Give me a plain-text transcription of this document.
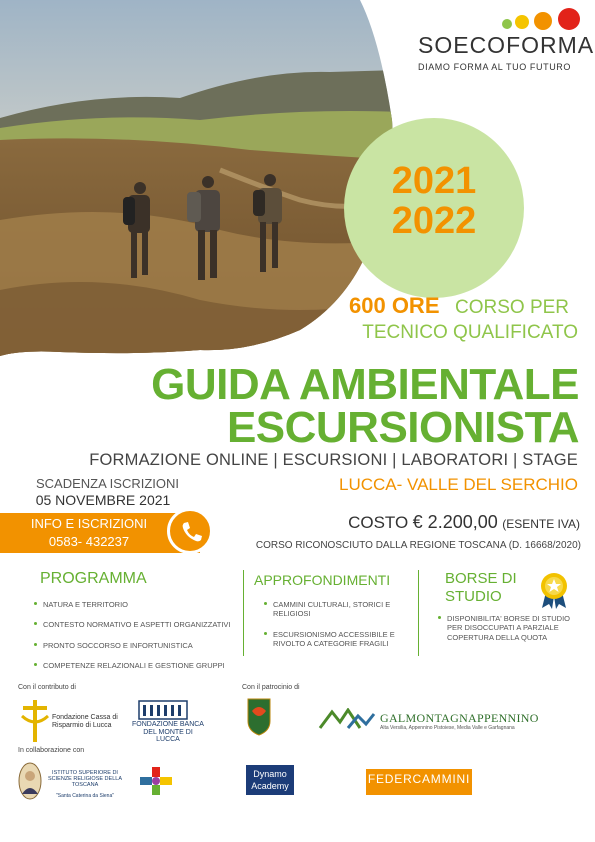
SOECOFORMA
DIAMO FORMA AL TUO FUTURO
2021
2022
600 ORE CORSO PER
TECNICO QUALIFICATO
GUIDA AMBIENTALE
ESCURSIONISTA
FORMAZIONE ONLINE | ESCURSIONI | LABORATORI | STAGE
LUCCA- VALLE DEL SERCHIO
SCADENZA ISCRIZIONI
05 NOVEMBRE 2021
INFO E ISCRIZIONI
0583- 432237
COSTO € 2.200,00 (ESENTE IVA)
CORSO RICONOSCIUTO DALLA REGIONE TOSCANA (D. 16668/2020)
PROGRAMMA
NATURA E TERRITORIO
CONTESTO NORMATIVO E ASPETTI ORGANIZZATIVI
PRONTO SOCCORSO E INFORTUNISTICA
COMPETENZE RELAZIONALI E GESTIONE GRUPPI
APPROFONDIMENTI
CAMMINI CULTURALI, STORICI E RELIGIOSI
ESCURSIONISMO ACCESSIBILE E RIVOLTO A CATEGORIE FRAGILI
BORSE DI
STUDIO
DISPONIBILITA' BORSE DI STUDIO PER DISOCCUPATI A PARZIALE COPERTURA DELLA QUOTA
Con il contributo di	Con il patrocinio di
In collaborazione con
Fondazione Cassa di Risparmio di Lucca	FONDAZIONE BANCA DEL MONTE DI LUCCA
GALMONTAGNAPPENNINO
Alta Versilia, Appennino Pistoiese, Media Valle e Garfagnana
ISTITUTO SUPERIORE DI SCIENZE RELIGIOSE DELLA TOSCANA
"Santa Caterina da Siena"
Dynamo Academy	FEDERCAMMINI
